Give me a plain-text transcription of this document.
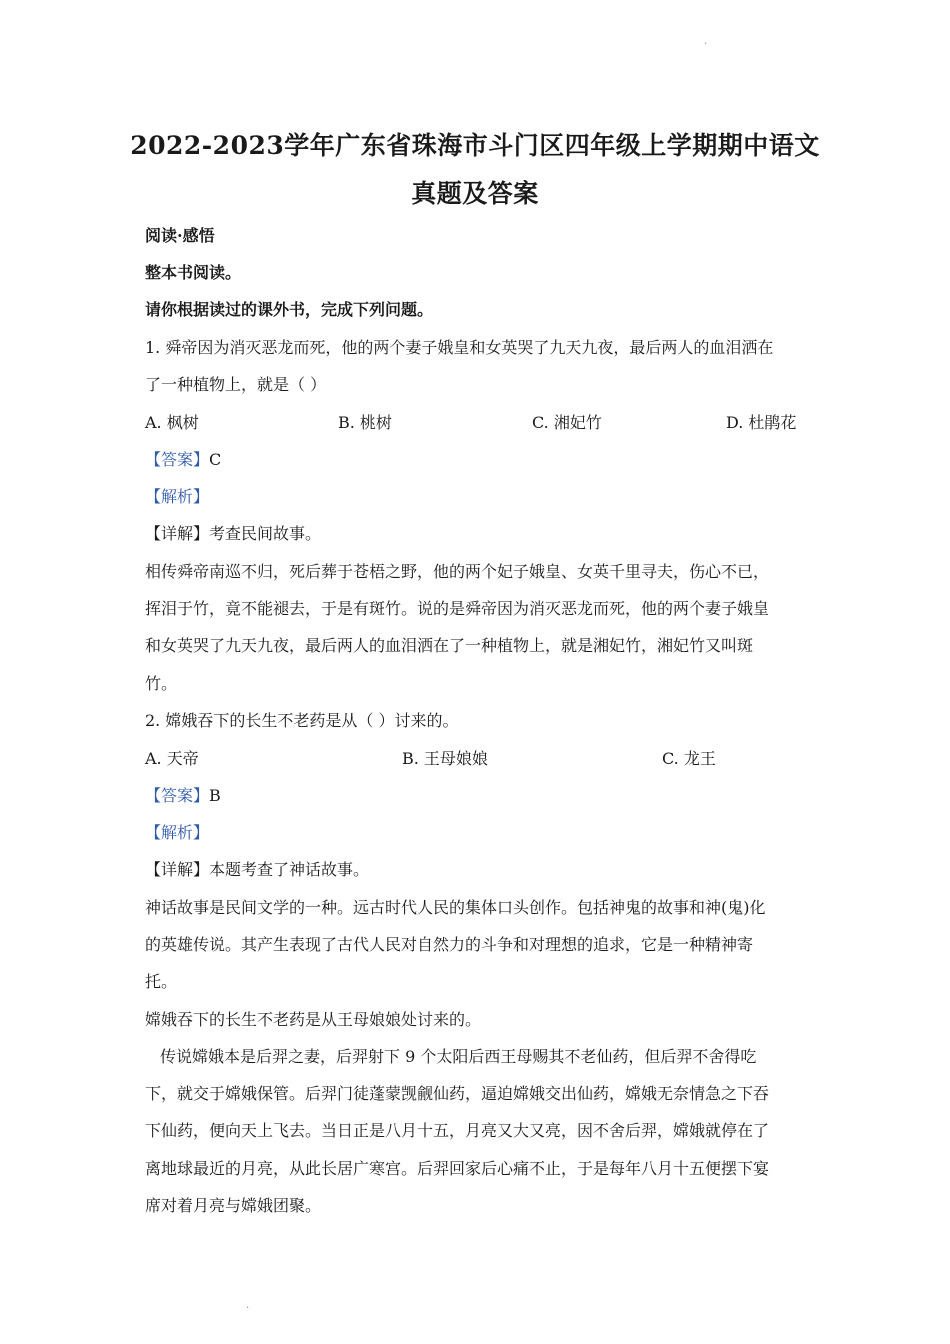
.
2022-2023学年广东省珠海市斗门区四年级上学期期中语文
真题及答案
阅读·感悟
整本书阅读。
请你根据读过的课外书，完成下列问题。
1. 舜帝因为消灭恶龙而死，他的两个妻子娥皇和女英哭了九天九夜，最后两人的血泪洒在
了一种植物上，就是（ ）
A. 枫树	B. 桃树	C. 湘妃竹	D. 杜鹃花
【答案】C
【解析】
【详解】考查民间故事。
相传舜帝南巡不归，死后葬于苍梧之野，他的两个妃子娥皇、女英千里寻夫，伤心不已，
挥泪于竹，竟不能褪去，于是有斑竹。说的是舜帝因为消灭恶龙而死，他的两个妻子娥皇
和女英哭了九天九夜，最后两人的血泪洒在了一种植物上，就是湘妃竹，湘妃竹又叫斑
竹。
2. 嫦娥吞下的长生不老药是从（ ）讨来的。
A. 天帝	B. 王母娘娘	C. 龙王
【答案】B
【解析】
【详解】本题考查了神话故事。
神话故事是民间文学的一种。远古时代人民的集体口头创作。包括神鬼的故事和神(鬼)化
的英雄传说。其产生表现了古代人民对自然力的斗争和对理想的追求，它是一种精神寄
托。
嫦娥吞下的长生不老药是从王母娘娘处讨来的。
传说嫦娥本是后羿之妻，后羿射下 9 个太阳后西王母赐其不老仙药，但后羿不舍得吃
下，就交于嫦娥保管。后羿门徒蓬蒙觊觎仙药，逼迫嫦娥交出仙药，嫦娥无奈情急之下吞
下仙药，便向天上飞去。当日正是八月十五，月亮又大又亮，因不舍后羿，嫦娥就停在了
离地球最近的月亮，从此长居广寒宫。后羿回家后心痛不止，于是每年八月十五便摆下宴
席对着月亮与嫦娥团聚。
.
